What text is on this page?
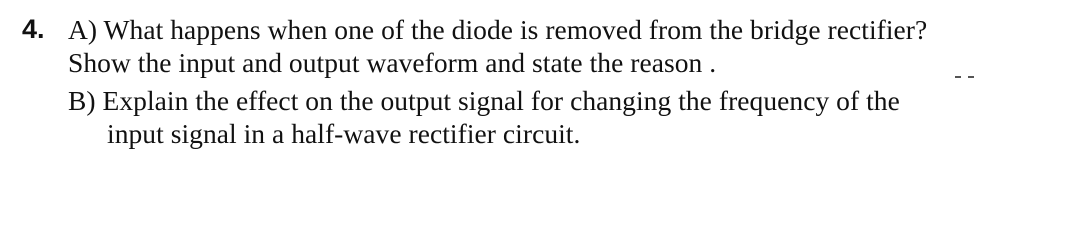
4. A) What happens when one of the diode is removed from the bridge rectifier?
Show the input and output waveform and state the reason .
B) Explain the effect on the output signal for changing the frequency of the
input signal in a half-wave rectifier circuit.
